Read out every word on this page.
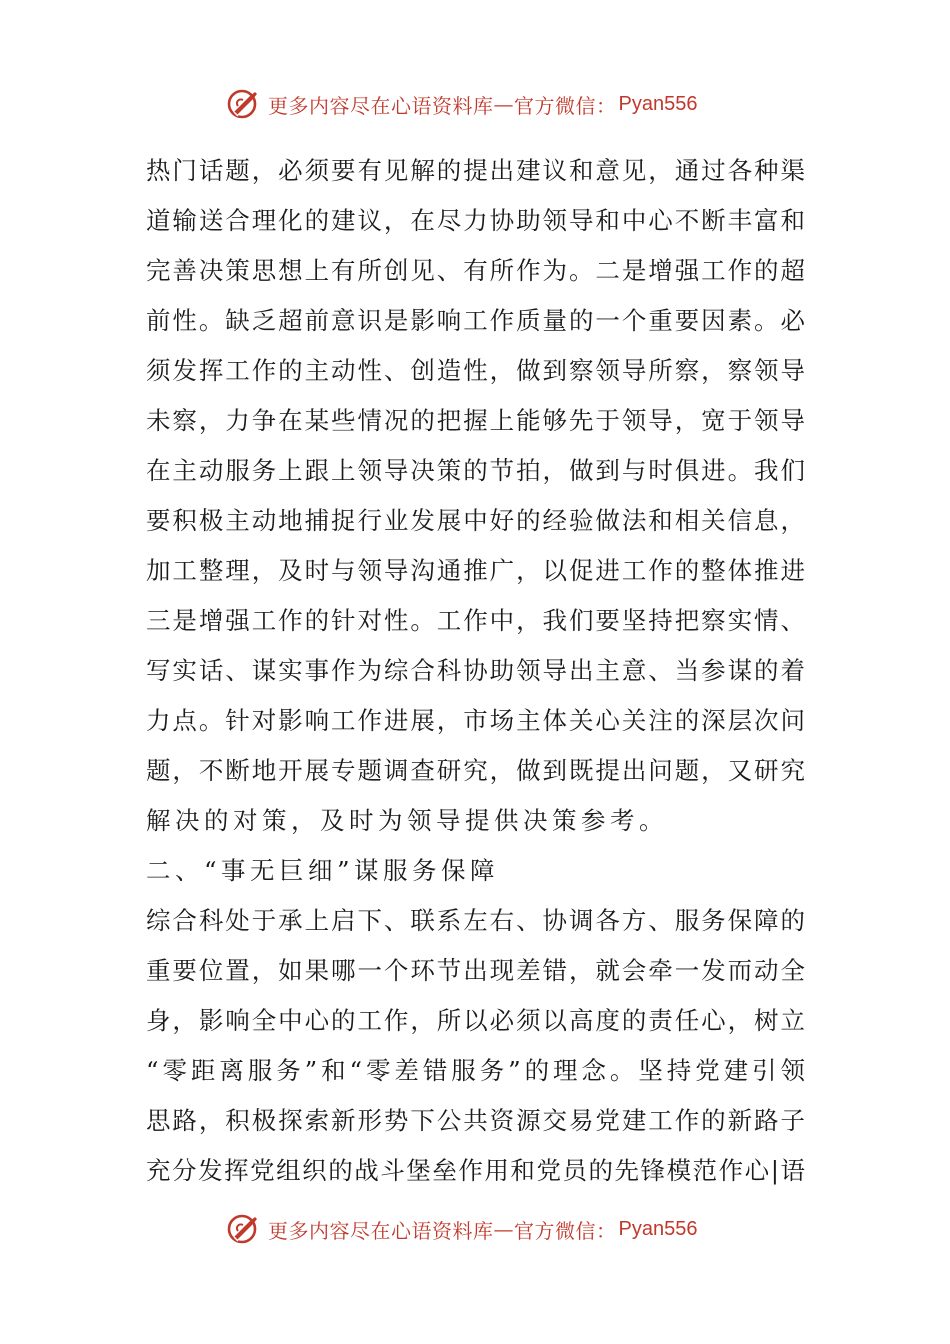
更多内容尽在心语资料库 — 官方微信： Pyan556
热门话题，必须要有见解的提出建议和意见，通过各种渠
道输送合理化的建议，在尽力协助领导和中心不断丰富和
完善决策思想上有所创见、有所作为。二是增强工作的超
前性。缺乏超前意识是影响工作质量的一个重要因素。必
须发挥工作的主动性、创造性，做到察领导所察，察领导
未察，力争在某些情况的把握上能够先于领导，宽于领导
在主动服务上跟上领导决策的节拍，做到与时俱进。我们
要积极主动地捕捉行业发展中好的经验做法和相关信息，
加工整理，及时与领导沟通推广，以促进工作的整体推进
三是增强工作的针对性。工作中，我们要坚持把察实情、
写实话、谋实事作为综合科协助领导出主意、当参谋的着
力点。针对影响工作进展，市场主体关心关注的深层次问
题，不断地开展专题调查研究，做到既提出问题，又研究
解决的对策，及时为领导提供决策参考。
二、“事无巨细”谋服务保障
综合科处于承上启下、联系左右、协调各方、服务保障的
重要位置，如果哪一个环节出现差错，就会牵一发而动全
身，影响全中心的工作，所以必须以高度的责任心，树立
“零距离服务”和“零差错服务”的理念。坚持党建引领
思路，积极探索新形势下公共资源交易党建工作的新路子
充分发挥党组织的战斗堡垒作用和党员的先锋模范作心|语
更多内容尽在心语资料库 — 官方微信： Pyan556
